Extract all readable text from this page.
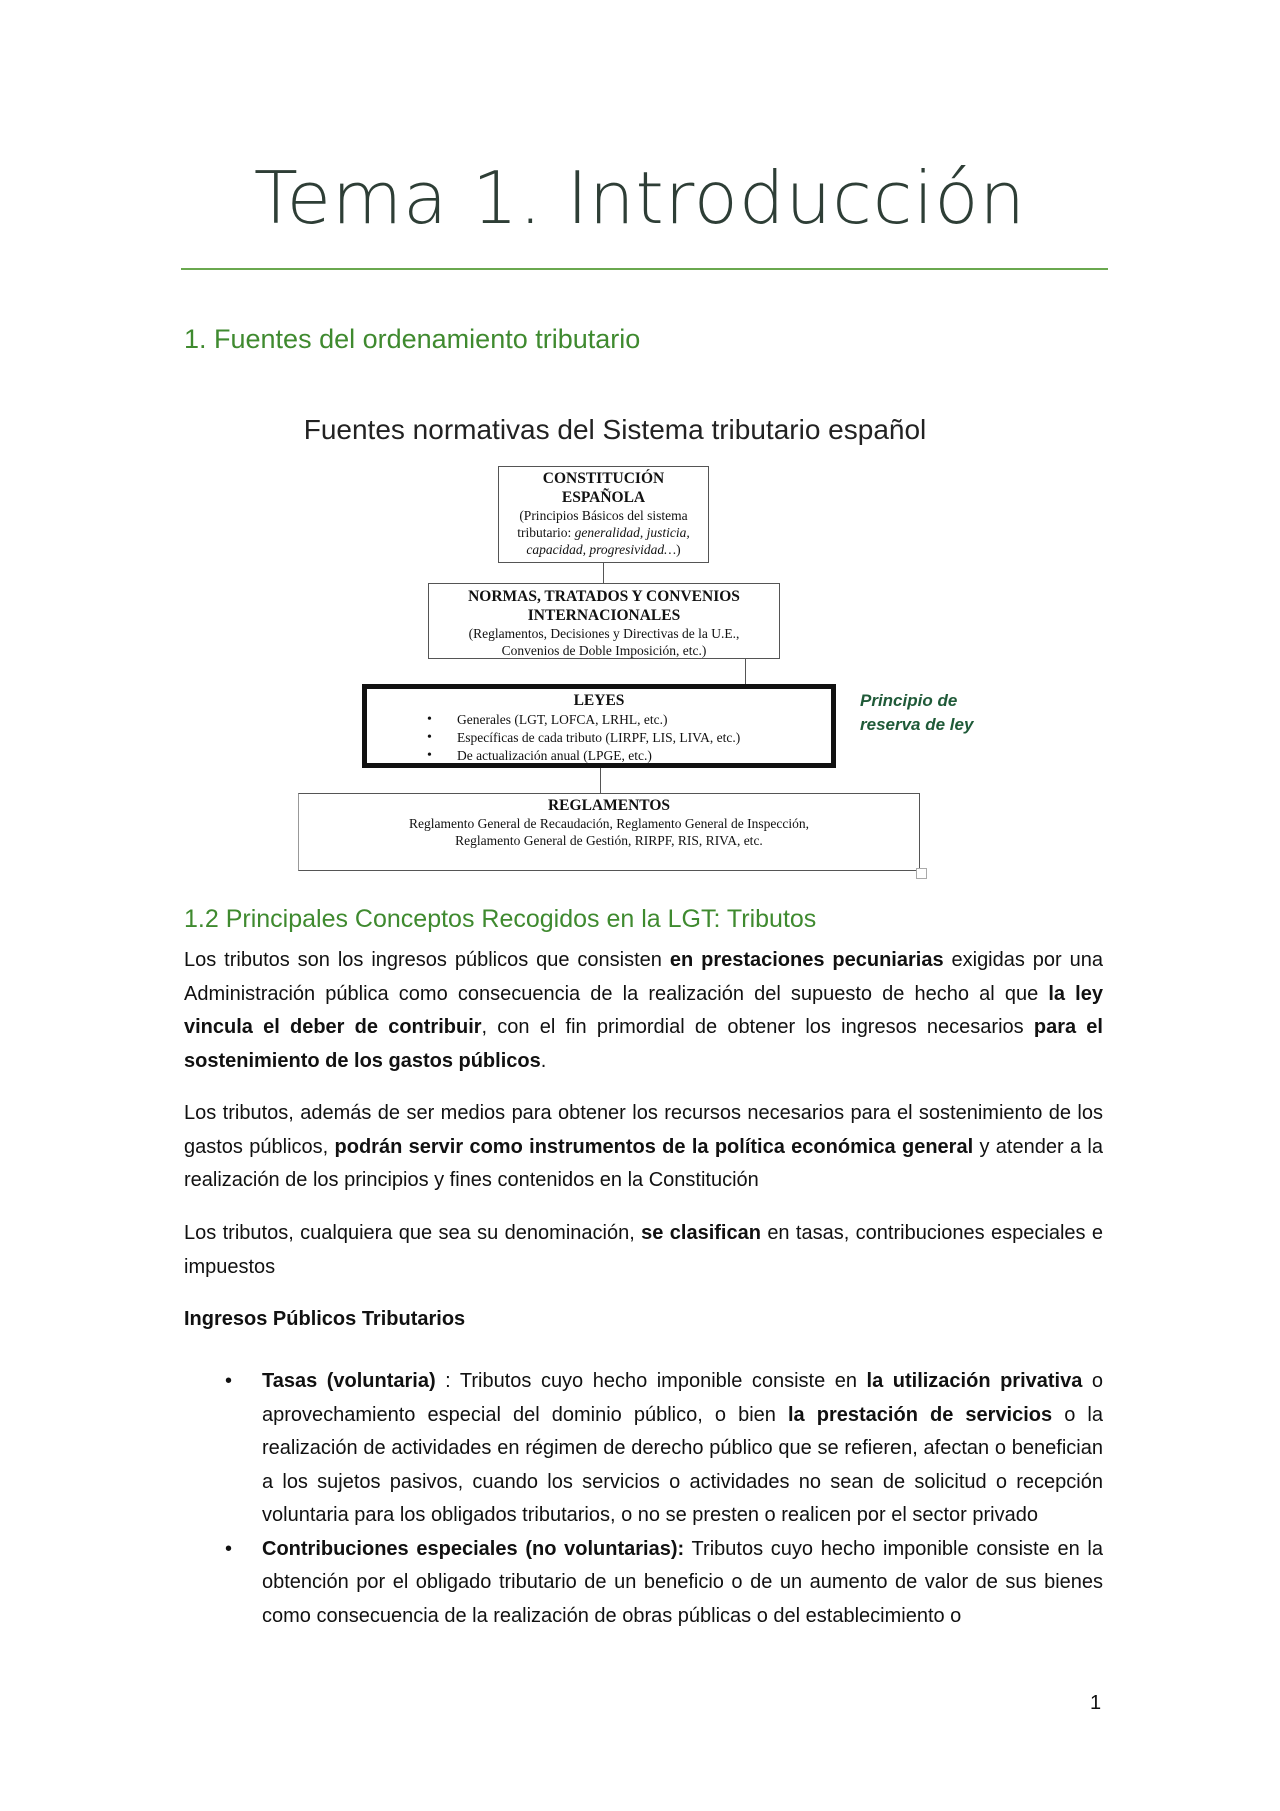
Tema 1. Introducción
1. Fuentes del ordenamiento tributario

Fuentes normativas del Sistema tributario español

CONSTITUCIÓN
ESPAÑOLA
(Principios Básicos del sistema
tributario: generalidad, justicia,
capacidad, progresividad…)
NORMAS, TRATADOS Y CONVENIOS
INTERNACIONALES
(Reglamentos, Decisiones y Directivas de la U.E.,
Convenios de Doble Imposición, etc.)
LEYES
• Generales (LGT, LOFCA, LRHL, etc.)
• Específicas de cada tributo (LIRPF, LIS, LIVA, etc.)
• De actualización anual (LPGE, etc.)
Principio de
reserva de ley
REGLAMENTOS
Reglamento General de Recaudación, Reglamento General de Inspección,
Reglamento General de Gestión, RIRPF, RIS, RIVA, etc.
1.2 Principales Conceptos Recogidos en la LGT: Tributos

Los tributos son los ingresos públicos que consisten en prestaciones pecuniarias exigidas por una Administración pública como consecuencia de la realización del supuesto de hecho al que la ley vincula el deber de contribuir, con el fin primordial de obtener los ingresos necesarios para el sostenimiento de los gastos públicos.

Los tributos, además de ser medios para obtener los recursos necesarios para el sostenimiento de los gastos públicos, podrán servir como instrumentos de la política económica general y atender a la realización de los principios y fines contenidos en la Constitución

Los tributos, cualquiera que sea su denominación, se clasifican en tasas, contribuciones especiales e impuestos

Ingresos Públicos Tributarios

• Tasas (voluntaria) : Tributos cuyo hecho imponible consiste en la utilización privativa o aprovechamiento especial del dominio público, o bien la prestación de servicios o la realización de actividades en régimen de derecho público que se refieren, afectan o benefician a los sujetos pasivos, cuando los servicios o actividades no sean de solicitud o recepción voluntaria para los obligados tributarios, o no se presten o realicen por el sector privado
• Contribuciones especiales (no voluntarias): Tributos cuyo hecho imponible consiste en la obtención por el obligado tributario de un beneficio o de un aumento de valor de sus bienes como consecuencia de la realización de obras públicas o del establecimiento o
1
